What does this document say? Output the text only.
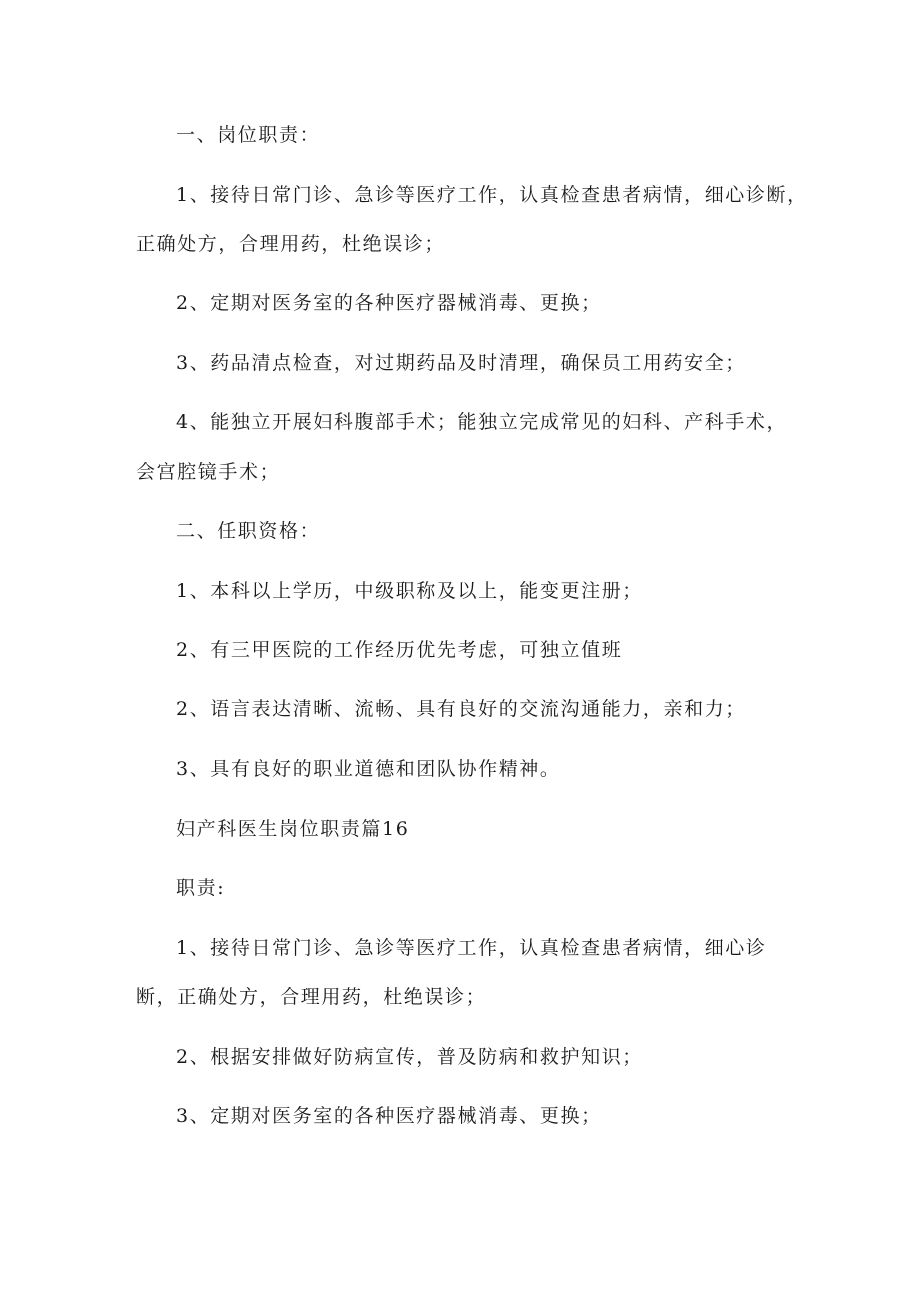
一、岗位职责：

1、接待日常门诊、急诊等医疗工作，认真检查患者病情，细心诊断，

正确处方，合理用药，杜绝误诊；

2、定期对医务室的各种医疗器械消毒、更换；

3、药品清点检查，对过期药品及时清理，确保员工用药安全；

4、能独立开展妇科腹部手术；能独立完成常见的妇科、产科手术，

会宫腔镜手术；

二、任职资格：

1、本科以上学历，中级职称及以上，能变更注册；

2、有三甲医院的工作经历优先考虑，可独立值班

2、语言表达清晰、流畅、具有良好的交流沟通能力，亲和力；

3、具有良好的职业道德和团队协作精神。

妇产科医生岗位职责篇16

职责:

1、接待日常门诊、急诊等医疗工作，认真检查患者病情，细心诊

断，正确处方，合理用药，杜绝误诊；

2、根据安排做好防病宣传，普及防病和救护知识；

3、定期对医务室的各种医疗器械消毒、更换；
